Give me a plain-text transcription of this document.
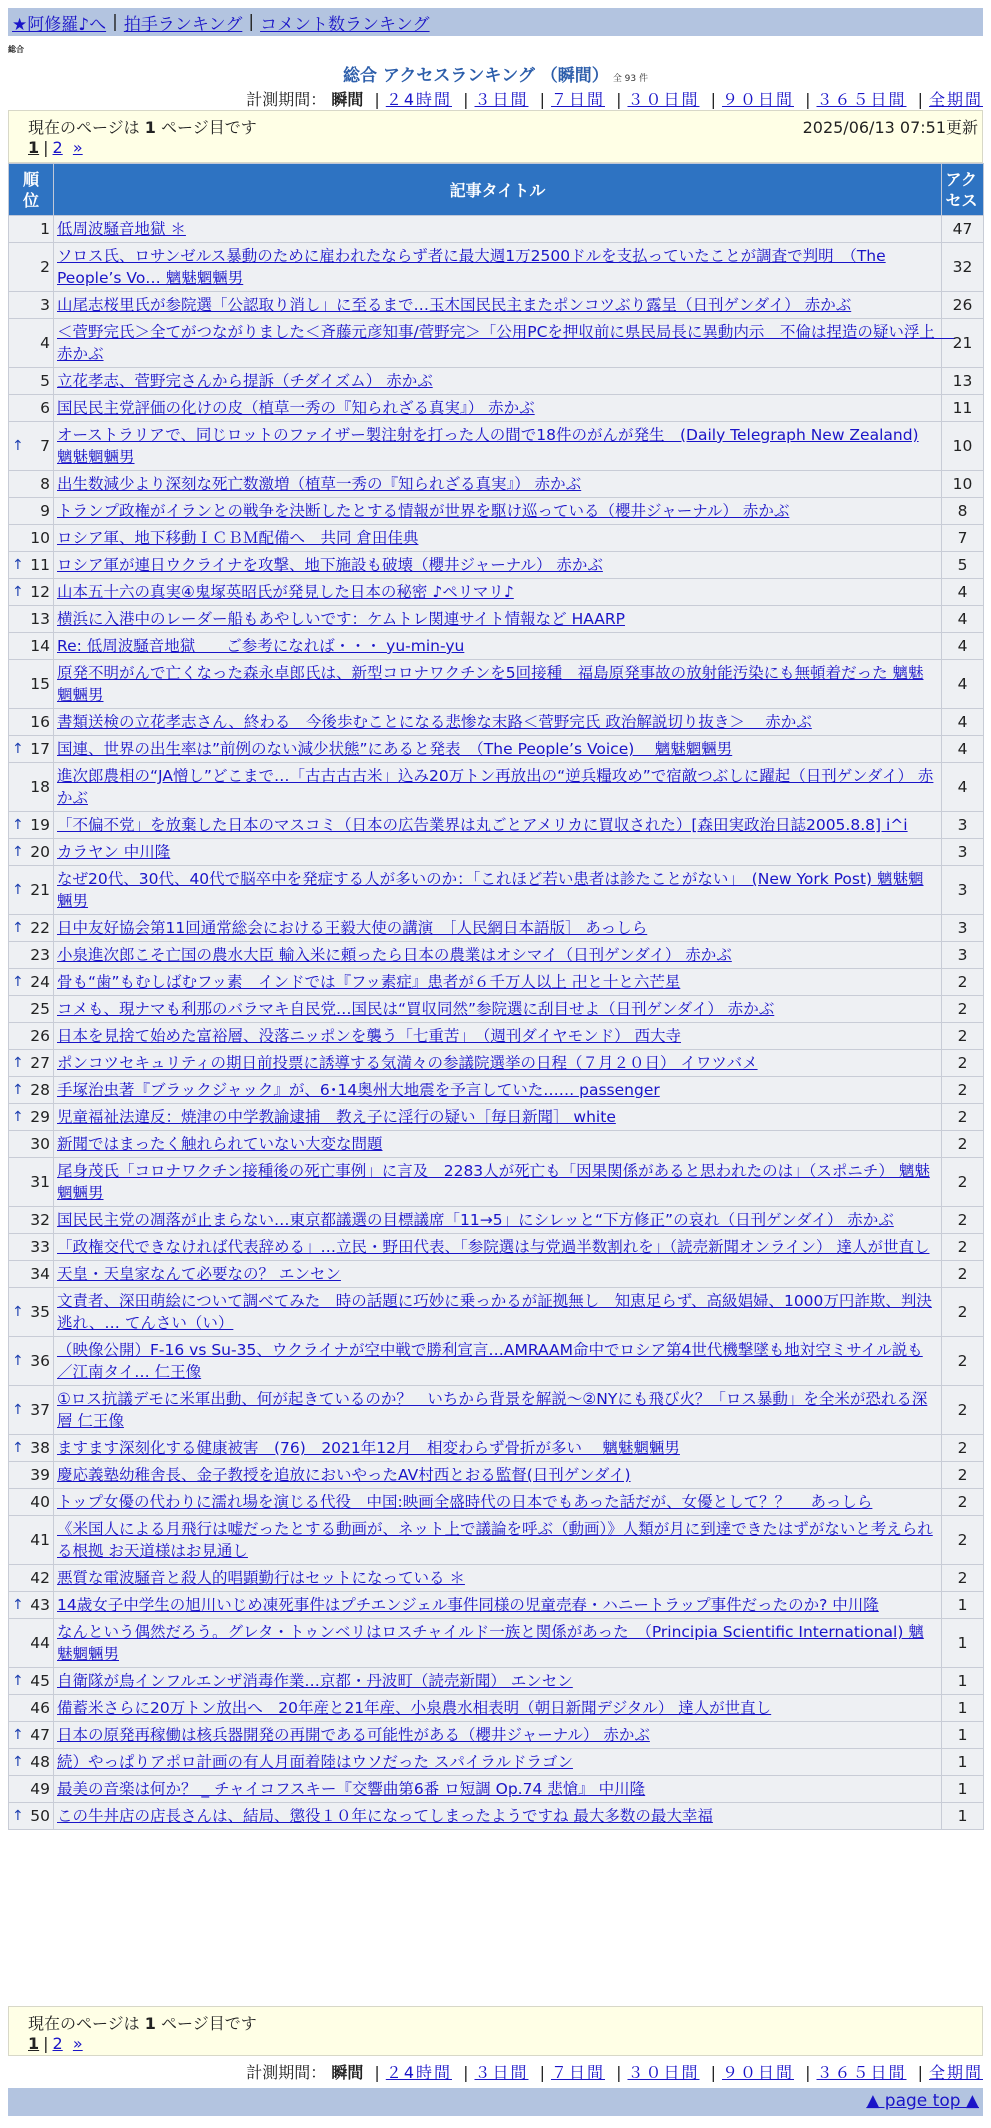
★阿修羅♪へ | 拍手ランキング | コメント数ランキング
総合
総合 アクセスランキング （瞬間） 全 93 件
計測期間： 瞬間 | ２4時間 | ３日間 | ７日間 | ３０日間 | ９０日間 | ３６５日間 | 全期間
現在のページは 1 ページ目です	2025/06/13 07:51更新
1 | 2 »
順位	記事タイトル	アクセス
1	低周波騒音地獄 ＊	47
2	ソロス氏、ロサンゼルス暴動のために雇われたならず者に最大週1万2500ドルを支払っていたことが調査で判明　（The People’s Vo… 魑魅魍魎男	32
3	山尾志桜里氏が参院選「公認取り消し」に至るまで…玉木国民民主またポンコツぶり露呈（日刊ゲンダイ） 赤かぶ	26
4	＜菅野完氏＞全てがつながりました＜斉藤元彦知事/菅野完＞「公用PCを押収前に県民局長に異動内示　不倫は捏造の疑い浮上　 赤かぶ	21
5	立花孝志、菅野完さんから提訴（チダイズム） 赤かぶ	13
6	国民民主党評価の化けの皮（植草一秀の『知られざる真実』） 赤かぶ	11

↑ 7	オーストラリアで、同じロットのファイザー製注射を打った人の間で18件のがんが発生　(Daily Telegraph New Zealand) 魑魅魍魎男	10
8	出生数減少より深刻な死亡数激増（植草一秀の『知られざる真実』） 赤かぶ	10
9	トランプ政権がイランとの戦争を決断したとする情報が世界を駆け巡っている（櫻井ジャーナル） 赤かぶ	8
10	ロシア軍、地下移動ＩＣＢＭ配備へ　共同 倉田佳典	7

↑ 11	ロシア軍が連日ウクライナを攻撃、地下施設も破壊（櫻井ジャーナル） 赤かぶ	5

↑ 12	山本五十六の真実④鬼塚英昭氏が発見した日本の秘密 ♪ペリマリ♪	4
13	横浜に入港中のレーダー船もあやしいです：ケムトレ関連サイト情報など HAARP	4
14	Re: 低周波騒音地獄　　ご参考になれば・・・ yu-min-yu	4
15	原発不明がんで亡くなった森永卓郎氏は、新型コロナワクチンを5回接種　福島原発事故の放射能汚染にも無頓着だった 魑魅魍魎男	4
16	書類送検の立花孝志さん、終わる　今後歩むことになる悲惨な末路＜菅野完氏 政治解説切り抜き＞　 赤かぶ	4

↑ 17	国連、世界の出生率は”前例のない減少状態”にあると発表　（The People’s Voice)　 魑魅魍魎男	4
18	進次郎農相の“JA憎し”どこまで…「古古古古米」込み20万トン再放出の“逆兵糧攻め”で宿敵つぶしに躍起（日刊ゲンダイ） 赤かぶ	4

↑ 19	「不偏不党」を放棄した日本のマスコミ（日本の広告業界は丸ごとアメリカに買収された）[森田実政治日誌2005.8.8] i^i	3

↑ 20	カラヤン 中川隆	3

↑ 21	なぜ20代、30代、40代で脳卒中を発症する人が多いのか：「これほど若い患者は診たことがない」　(New York Post) 魑魅魍魎男	3

↑ 22	日中友好協会第11回通常総会における王毅大使の講演　［人民網日本語版］ あっしら	3
23	小泉進次郎こそ亡国の農水大臣 輸入米に頼ったら日本の農業はオシマイ（日刊ゲンダイ） 赤かぶ	3

↑ 24	骨も“歯”もむしばむフッ素　インドでは『フッ素症』患者が６千万人以上 卍と十と六芒星	2
25	コメも、現ナマも利那のバラマキ自民党…国民は“買収同然”参院選に刮目せよ（日刊ゲンダイ） 赤かぶ	2
26	日本を見捨て始めた富裕層、没落ニッポンを襲う「七重苦」　（週刊ダイヤモンド） 西大寺	2

↑ 27	ポンコツセキュリティの期日前投票に誘導する気満々の参議院選挙の日程（７月２０日） イワツバメ	2

↑ 28	手塚治虫著『ブラックジャック』が、6･14奥州大地震を予言していた…… passenger	2

↑ 29	児童福祉法違反：焼津の中学教諭逮捕　教え子に淫行の疑い［毎日新聞］ white	2
30	新聞ではまったく触れられていない大変な問題	2
31	尾身茂氏「コロナワクチン接種後の死亡事例」に言及　2283人が死亡も「因果関係があると思われたのは」（スポニチ） 魑魅魍魎男	2
32	国民民主党の凋落が止まらない…東京都議選の目標議席「11→5」にシレッと“下方修正”の哀れ（日刊ゲンダイ） 赤かぶ	2
33	「政権交代できなければ代表辞める」…立民・野田代表、「参院選は与党過半数割れを」（読売新聞オンライン） 達人が世直し	2
34	天皇・天皇家なんて必要なの？ エンセン	2

↑ 35	文責者、深田萌絵について調べてみた　時の話題に巧妙に乗っかるが証拠無し　知恵足らず、高級娼婦、1000万円詐欺、判決逃れ、… てんさい（い）	2

↑ 36	（映像公開）F-16 vs Su-35、ウクライナが空中戦で勝利宣言…AMRAAM命中でロシア第4世代機撃墜も地対空ミサイル説も／江南タイ… 仁王像	2

↑ 37	①ロス抗議デモに米軍出動、何が起きているのか？　いちから背景を解説～②NYにも飛び火？「ロス暴動」を全米が恐れる深層 仁王像	2

↑ 38	ますます深刻化する健康被害　(76)　2021年12月　相変わらず骨折が多い　 魑魅魍魎男	2
39	慶応義塾幼稚舎長、金子教授を追放においやったAV村西とおる監督(日刊ゲンダイ)	2
40	トップ女優の代わりに濡れ場を演じる代役　中国:映画全盛時代の日本でもあった話だが、女優として？？　 あっしら	2
41	《米国人による月飛行は嘘だったとする動画が、ネット上で議論を呼ぶ（動画）》人類が月に到達できたはずがないと考えられる根拠 お天道様はお見通し	2
42	悪質な電波騒音と殺人的唱顕勤行はセットになっている ＊	2

↑ 43	14歳女子中学生の旭川いじめ凍死事件はプチエンジェル事件同様の児童売春・ハニートラップ事件だったのか? 中川隆	1
44	なんという偶然だろう。グレタ・トゥンベリはロスチャイルド一族と関係があった　（Principia Scientific International) 魑魅魍魎男	1

↑ 45	自衛隊が鳥インフルエンザ消毒作業…京都・丹波町（読売新聞） エンセン	1
46	備蓄米さらに20万トン放出へ　20年産と21年産、小泉農水相表明（朝日新聞デジタル） 達人が世直し	1

↑ 47	日本の原発再稼働は核兵器開発の再開である可能性がある（櫻井ジャーナル） 赤かぶ	1

↑ 48	続）やっぱりアポロ計画の有人月面着陸はウソだった スパイラルドラゴン	1
49	最美の音楽は何か？ _ チャイコフスキー『交響曲第6番 ロ短調 Op.74 悲愴』 中川隆	1

↑ 50	この牛丼店の店長さんは、結局、懲役１０年になってしまったようですね 最大多数の最大幸福	1
現在のページは 1 ページ目です
1 | 2 »
計測期間： 瞬間 | ２4時間 | ３日間 | ７日間 | ３０日間 | ９０日間 | ３６５日間 | 全期間
▲ page top ▲
